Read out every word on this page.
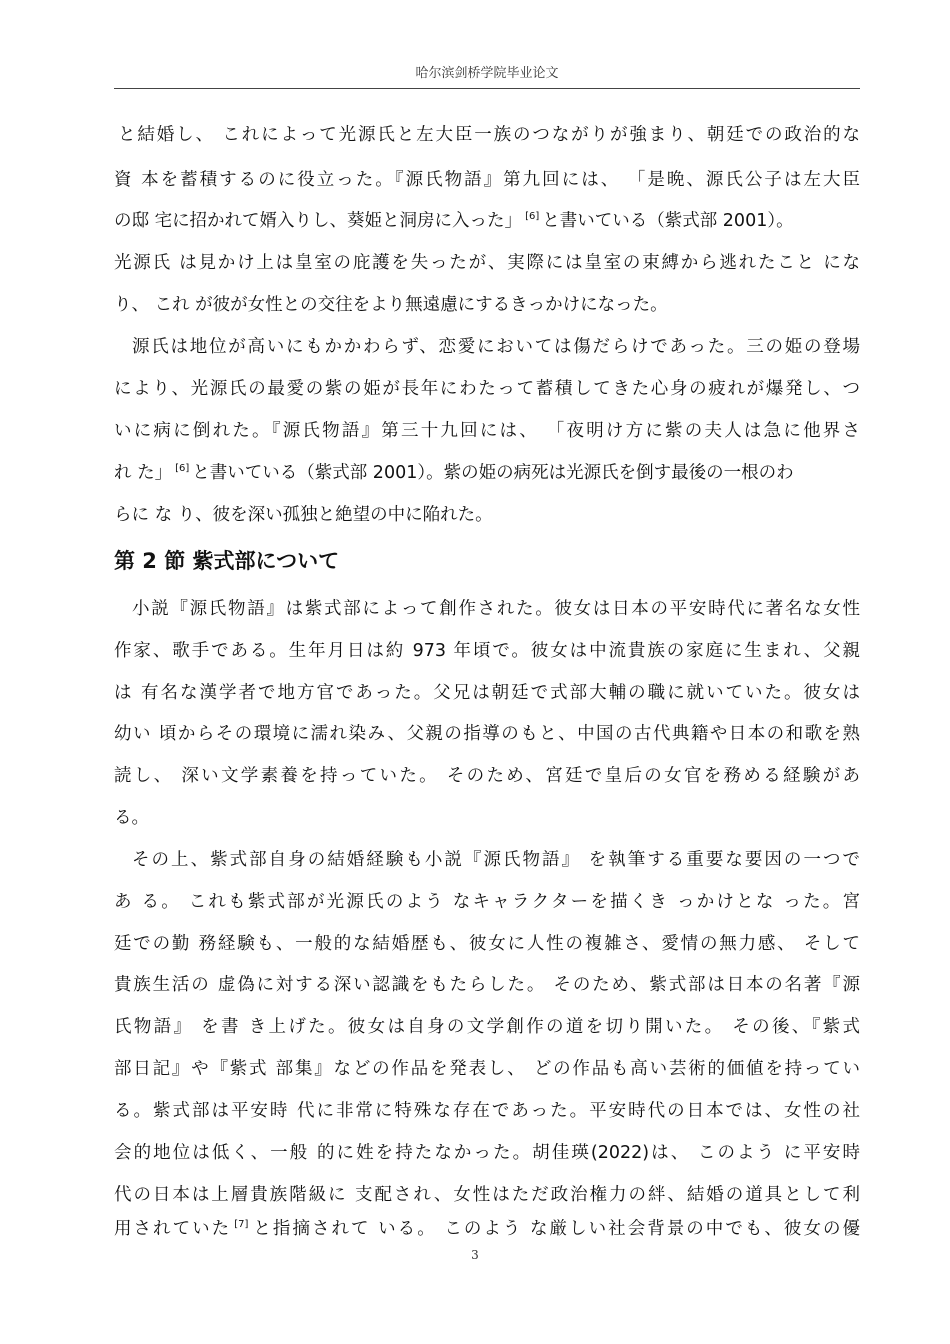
哈尔滨剑桥学院毕业论文
と結婚し、 これによって光源氏と左大臣一族のつながりが強まり、朝廷での政治的な
資 本を蓄積するのに役立った。『源氏物語』第九回には、 「是晩、源氏公子は左大臣
の邸 宅に招かれて婿入りし、葵姫と洞房に入った」 [6] と書いている（紫式部 2001）。
光源氏 は見かけ上は皇室の庇護を失ったが、実際には皇室の束縛から逃れたこと にな
り、 これ が彼が女性との交往をより無遠慮にするきっかけになった。
源氏は地位が高いにもかかわらず、恋愛においては傷だらけであった。三の姫の登場
により、光源氏の最愛の紫の姫が長年にわたって蓄積してきた心身の疲れが爆発し、つ
いに病に倒れた。『源氏物語』第三十九回には、 「夜明け方に紫の夫人は急に他界さ
れ た」 [6] と書いている（紫式部 2001）。紫の姫の病死は光源氏を倒す最後の一根のわ
らに な り、彼を深い孤独と絶望の中に陥れた。
第 2 節 紫式部について
小説『源氏物語』は紫式部によって創作された。彼女は日本の平安時代に著名な女性
作家、歌手である。生年月日は約 973 年頃で。彼女は中流貴族の家庭に生まれ、父親
は 有名な漢学者で地方官であった。父兄は朝廷で式部大輔の職に就いていた。彼女は
幼い 頃からその環境に濡れ染み、父親の指導のもと、中国の古代典籍や日本の和歌を熟
読し、 深い文学素養を持っていた。 そのため、宮廷で皇后の女官を務める経験があ
る。
その上、紫式部自身の結婚経験も小説『源氏物語』 を執筆する重要な要因の一つで
あ る。 これも紫式部が光源氏のよう なキャラクターを描くき っかけとな った。宮
廷での勤 務経験も、一般的な結婚歴も、彼女に人性の複雑さ、愛情の無力感、 そして
貴族生活の 虚偽に対する深い認識をもたらした。 そのため、紫式部は日本の名著『源
氏物語』 を書 き上げた。彼女は自身の文学創作の道を切り開いた。 その後、『紫式
部日記』や『紫式 部集』などの作品を発表し、 どの作品も高い芸術的価値を持ってい
る。紫式部は平安時 代に非常に特殊な存在であった。平安時代の日本では、女性の社
会的地位は低く、一般 的に姓を持たなかった。胡佳瑛(2022)は、 このよう に平安時
代の日本は上層貴族階級に 支配され、女性はただ政治権力の絆、結婚の道具として利
用されていた [7] と指摘されて いる。 このよう な厳しい社会背景の中でも、彼女の優
3
